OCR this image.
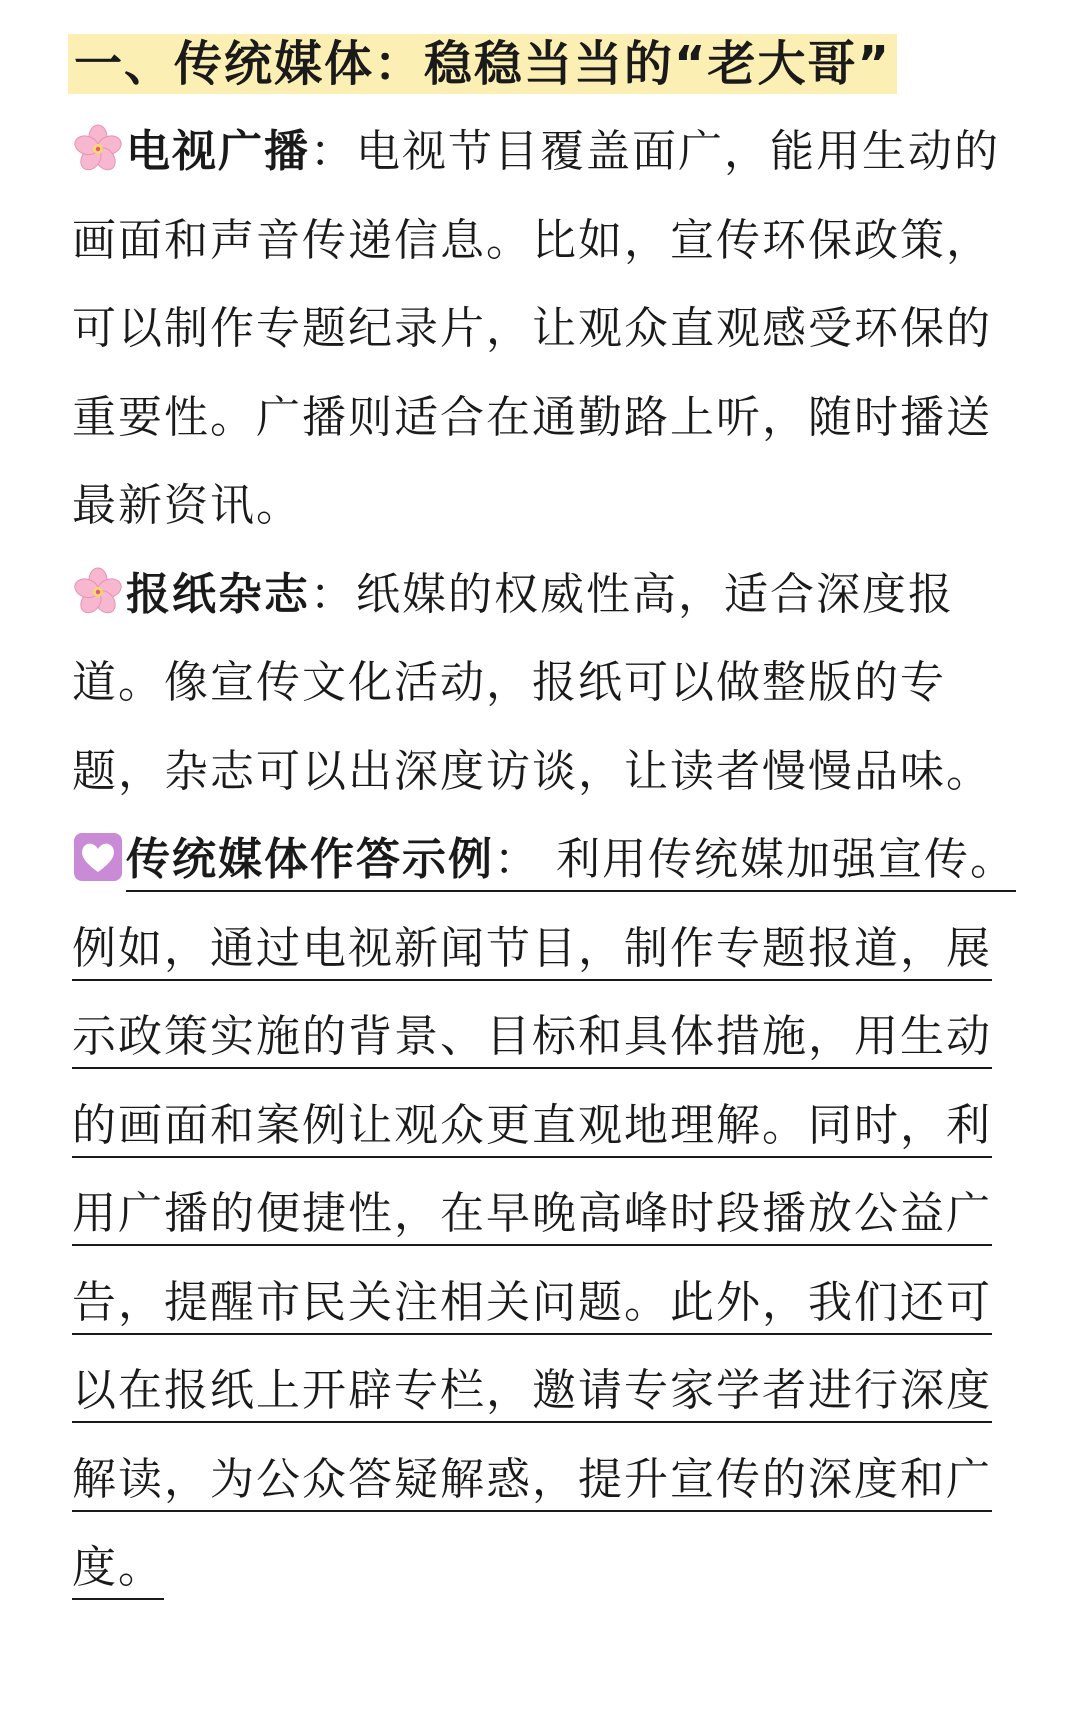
一、传统媒体：稳稳当当的“老大哥”

电视广播：电视节目覆盖面广，能用生动的画面和声音传递信息。比如，宣传环保政策，可以制作专题纪录片，让观众直观感受环保的重要性。广播则适合在通勤路上听，随时播送最新资讯。

报纸杂志：纸媒的权威性高，适合深度报道。像宣传文化活动，报纸可以做整版的专题，杂志可以出深度访谈，让读者慢慢品味。

传统媒体作答示例： 利用传统媒加强宣传。例如，通过电视新闻节目，制作专题报道，展示政策实施的背景、目标和具体措施，用生动的画面和案例让观众更直观地理解。同时，利用广播的便捷性，在早晚高峰时段播放公益广告，提醒市民关注相关问题。此外，我们还可以在报纸上开辟专栏，邀请专家学者进行深度解读，为公众答疑解惑，提升宣传的深度和广度。
